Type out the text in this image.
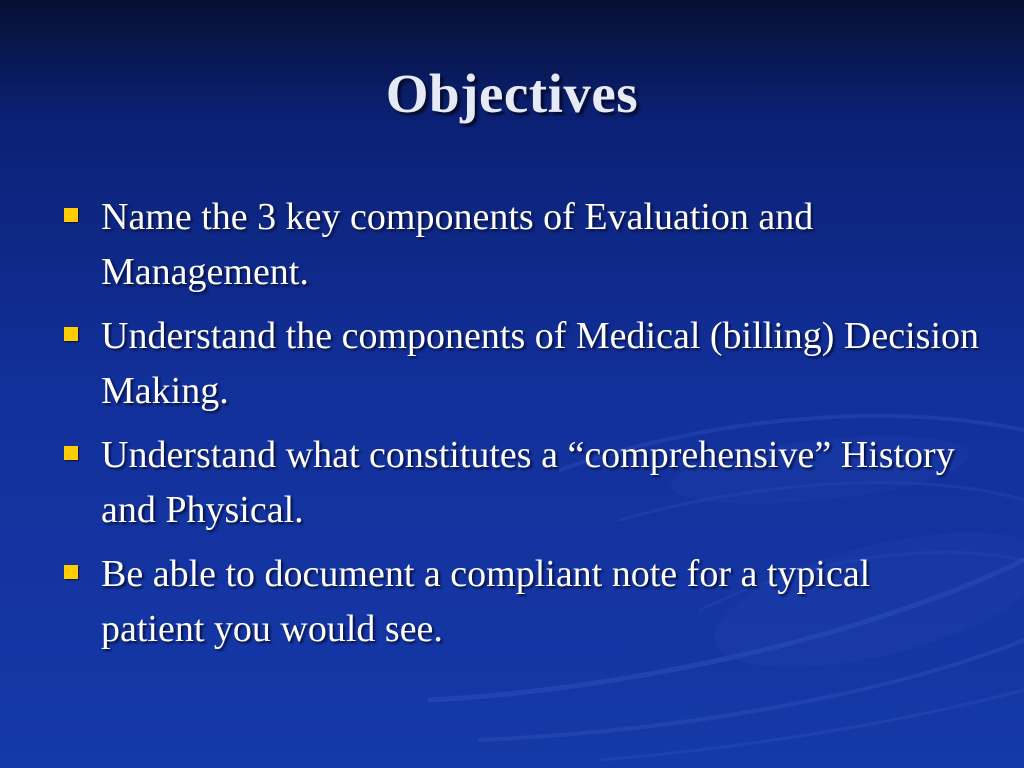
Objectives
Name the 3 key components of Evaluation and Management.
Understand the components of Medical (billing) Decision Making.
Understand what constitutes a “comprehensive” History and Physical.
Be able to document a compliant note for a typical patient you would see.
